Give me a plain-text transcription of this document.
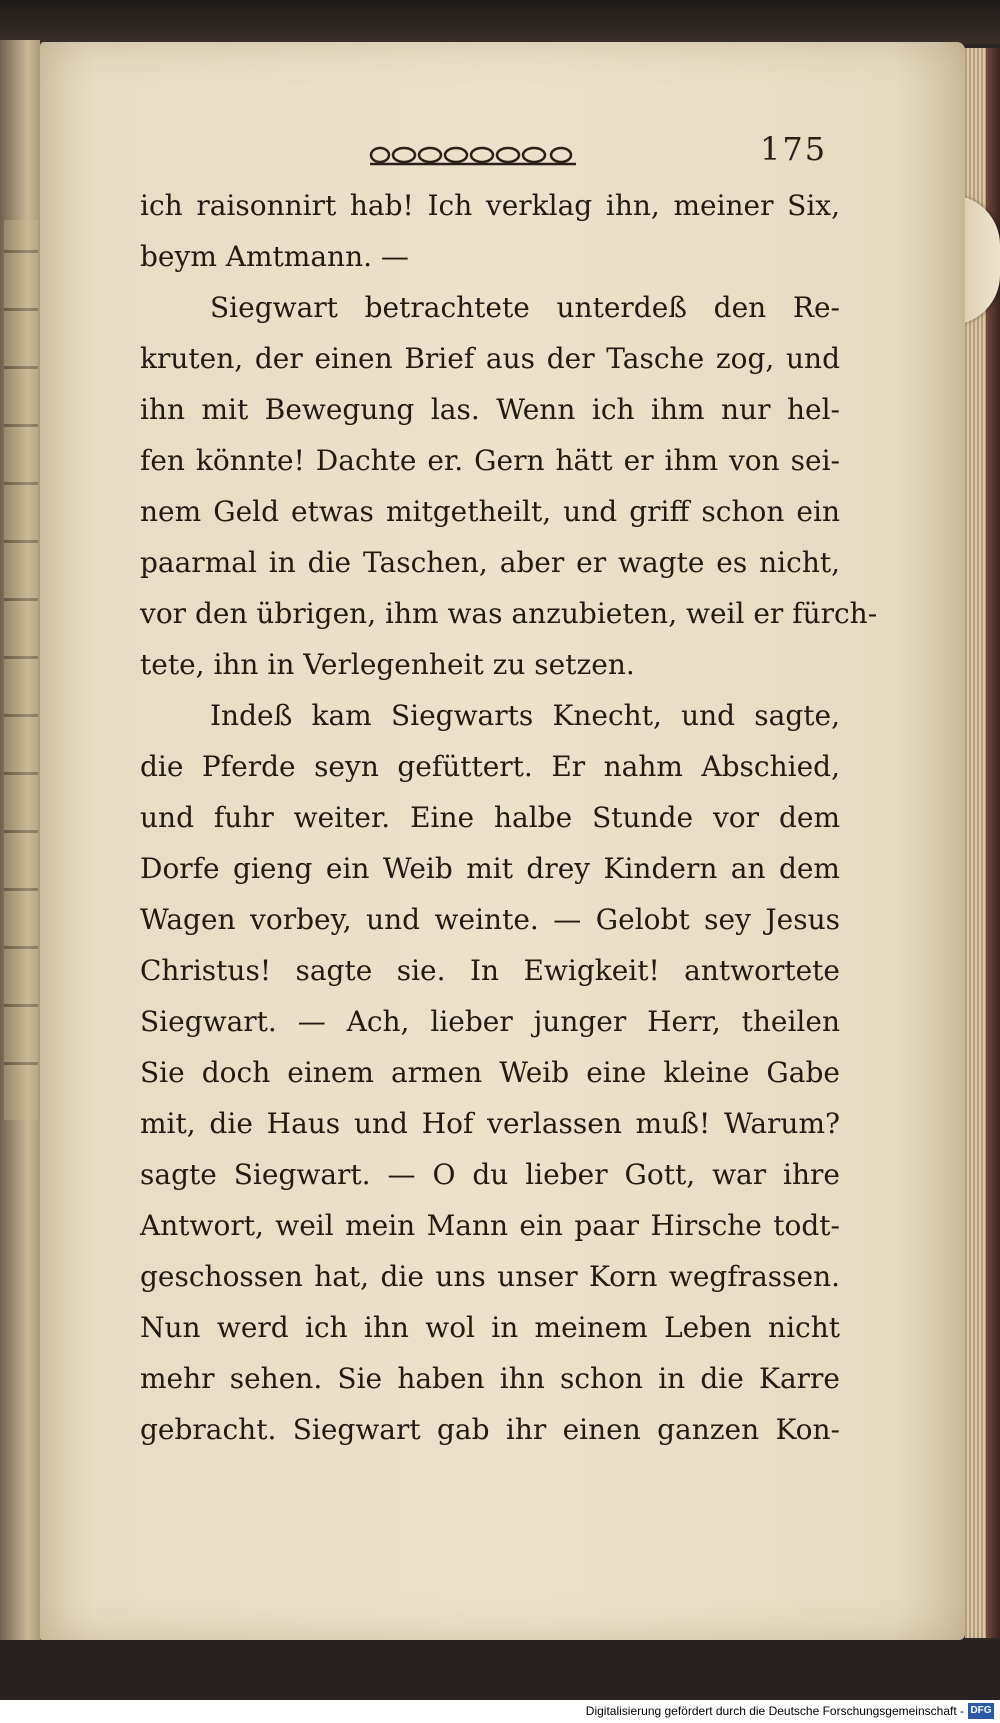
175
ich raisonnirt hab! Ich verklag ihn, meiner Six,
beym Amtmann. —
Siegwart betrachtete unterdeß den Re-
kruten, der einen Brief aus der Tasche zog, und
ihn mit Bewegung las. Wenn ich ihm nur hel-
fen könnte! Dachte er. Gern hätt er ihm von sei-
nem Geld etwas mitgetheilt, und griff schon ein
paarmal in die Taschen, aber er wagte es nicht,
vor den übrigen, ihm was anzubieten, weil er fürch-
tete, ihn in Verlegenheit zu setzen.
Indeß kam Siegwarts Knecht, und sagte,
die Pferde seyn gefüttert. Er nahm Abschied,
und fuhr weiter. Eine halbe Stunde vor dem
Dorfe gieng ein Weib mit drey Kindern an dem
Wagen vorbey, und weinte. — Gelobt sey Jesus
Christus! sagte sie. In Ewigkeit! antwortete
Siegwart. — Ach, lieber junger Herr, theilen
Sie doch einem armen Weib eine kleine Gabe
mit, die Haus und Hof verlassen muß! Warum?
sagte Siegwart. — O du lieber Gott, war ihre
Antwort, weil mein Mann ein paar Hirsche todt-
geschossen hat, die uns unser Korn wegfrassen.
Nun werd ich ihn wol in meinem Leben nicht
mehr sehen. Sie haben ihn schon in die Karre
gebracht. Siegwart gab ihr einen ganzen Kon-
Digitalisierung gefördert durch die Deutsche Forschungsgemeinschaft - DFG
